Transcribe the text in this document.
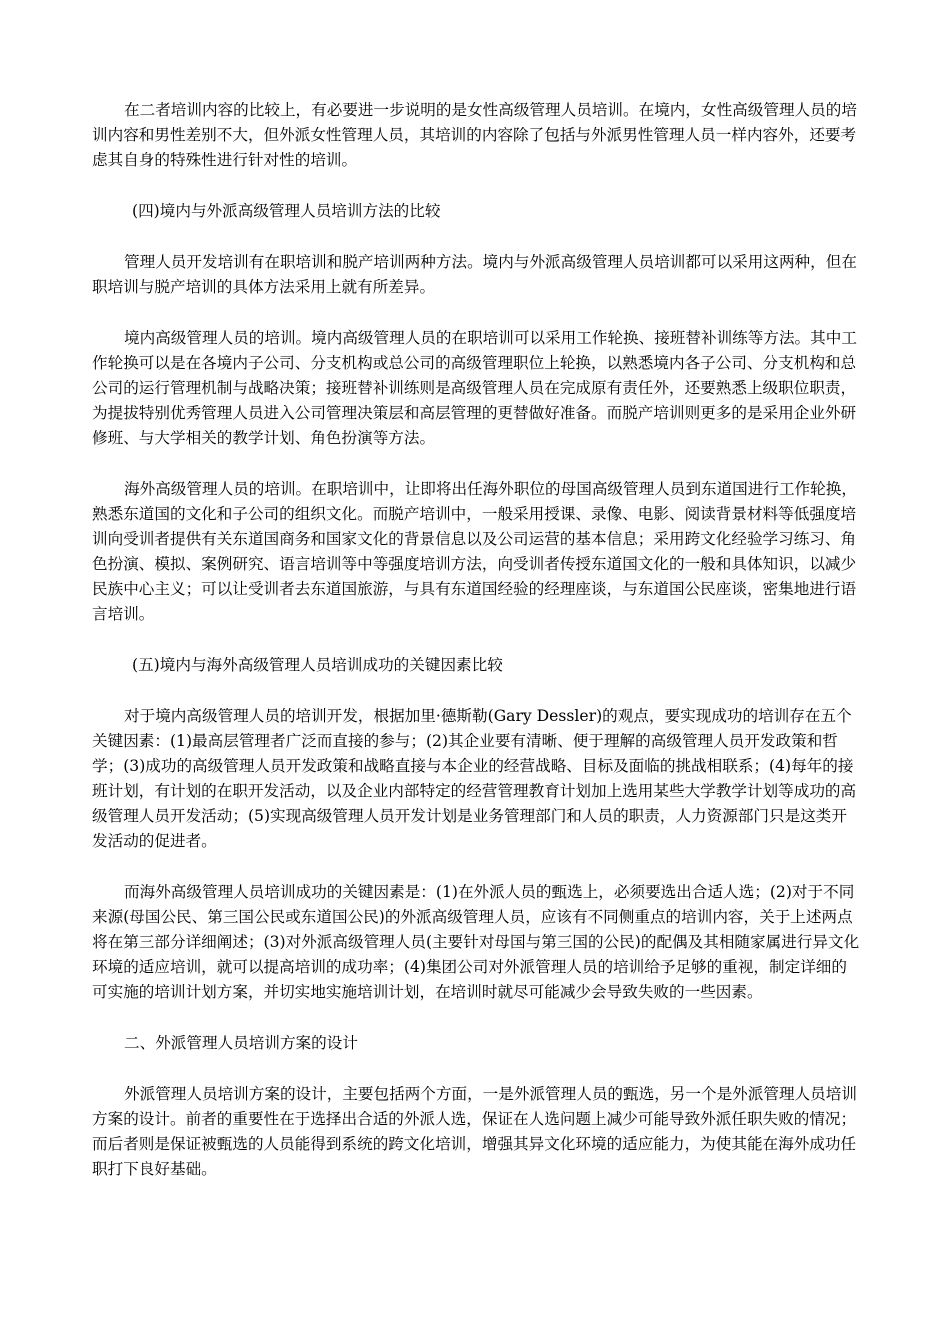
在二者培训内容的比较上，有必要进一步说明的是女性高级管理人员培训。在境内，女性高级管理人员的培训内容和男性差别不大，但外派女性管理人员，其培训的内容除了包括与外派男性管理人员一样内容外，还要考虑其自身的特殊性进行针对性的培训。

(四)境内与外派高级管理人员培训方法的比较

管理人员开发培训有在职培训和脱产培训两种方法。境内与外派高级管理人员培训都可以采用这两种，但在职培训与脱产培训的具体方法采用上就有所差异。

境内高级管理人员的培训。境内高级管理人员的在职培训可以采用工作轮换、接班替补训练等方法。其中工作轮换可以是在各境内子公司、分支机构或总公司的高级管理职位上轮换，以熟悉境内各子公司、分支机构和总公司的运行管理机制与战略决策；接班替补训练则是高级管理人员在完成原有责任外，还要熟悉上级职位职责，为提拔特别优秀管理人员进入公司管理决策层和高层管理的更替做好准备。而脱产培训则更多的是采用企业外研修班、与大学相关的教学计划、角色扮演等方法。

海外高级管理人员的培训。在职培训中，让即将出任海外职位的母国高级管理人员到东道国进行工作轮换，熟悉东道国的文化和子公司的组织文化。而脱产培训中，一般采用授课、录像、电影、阅读背景材料等低强度培训向受训者提供有关东道国商务和国家文化的背景信息以及公司运营的基本信息；采用跨文化经验学习练习、角色扮演、模拟、案例研究、语言培训等中等强度培训方法，向受训者传授东道国文化的一般和具体知识，以减少民族中心主义；可以让受训者去东道国旅游，与具有东道国经验的经理座谈，与东道国公民座谈，密集地进行语言培训。

(五)境内与海外高级管理人员培训成功的关键因素比较

对于境内高级管理人员的培训开发，根据加里·德斯勒(Gary Dessler)的观点，要实现成功的培训存在五个关键因素：(1)最高层管理者广泛而直接的参与；(2)其企业要有清晰、便于理解的高级管理人员开发政策和哲学；(3)成功的高级管理人员开发政策和战略直接与本企业的经营战略、目标及面临的挑战相联系；(4)每年的接班计划，有计划的在职开发活动，以及企业内部特定的经营管理教育计划加上选用某些大学教学计划等成功的高级管理人员开发活动；(5)实现高级管理人员开发计划是业务管理部门和人员的职责，人力资源部门只是这类开发活动的促进者。

而海外高级管理人员培训成功的关键因素是：(1)在外派人员的甄选上，必须要选出合适人选；(2)对于不同来源(母国公民、第三国公民或东道国公民)的外派高级管理人员，应该有不同侧重点的培训内容，关于上述两点将在第三部分详细阐述；(3)对外派高级管理人员(主要针对母国与第三国的公民)的配偶及其相随家属进行异文化环境的适应培训，就可以提高培训的成功率；(4)集团公司对外派管理人员的培训给予足够的重视，制定详细的可实施的培训计划方案，并切实地实施培训计划，在培训时就尽可能减少会导致失败的一些因素。

二、外派管理人员培训方案的设计

外派管理人员培训方案的设计，主要包括两个方面，一是外派管理人员的甄选，另一个是外派管理人员培训方案的设计。前者的重要性在于选择出合适的外派人选，保证在人选问题上减少可能导致外派任职失败的情况；而后者则是保证被甄选的人员能得到系统的跨文化培训，增强其异文化环境的适应能力，为使其能在海外成功任职打下良好基础。
